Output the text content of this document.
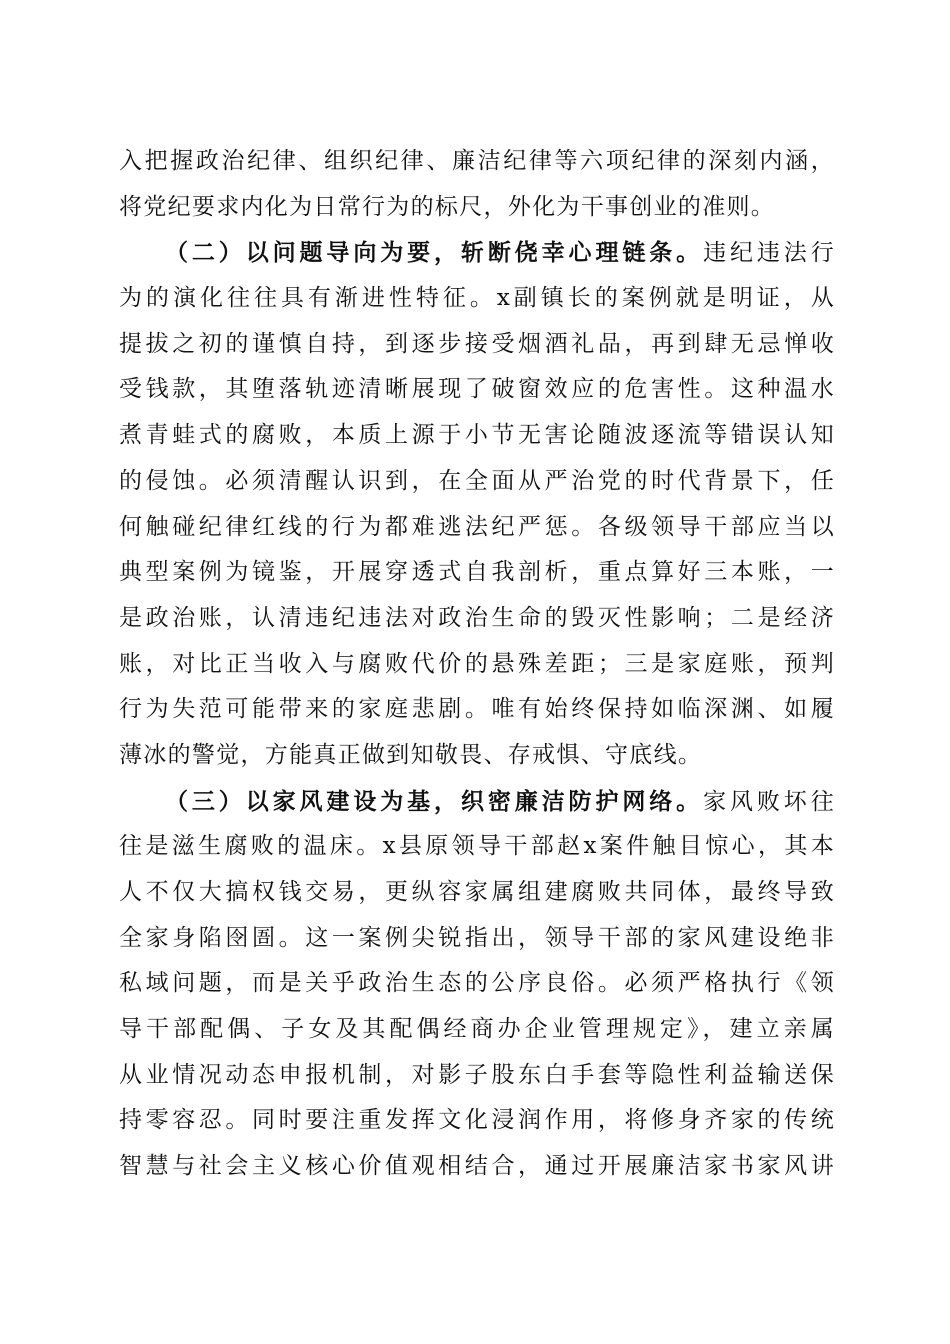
入把握政治纪律、组织纪律、廉洁纪律等六项纪律的深刻内涵，
将党纪要求内化为日常行为的标尺，外化为干事创业的准则。
（二）以问题导向为要，斩断侥幸心理链条。违纪违法行
为的演化往往具有渐进性特征。x副镇长的案例就是明证，从
提拔之初的谨慎自持，到逐步接受烟酒礼品，再到肆无忌惮收
受钱款，其堕落轨迹清晰展现了破窗效应的危害性。这种温水
煮青蛙式的腐败，本质上源于小节无害论随波逐流等错误认知
的侵蚀。必须清醒认识到，在全面从严治党的时代背景下，任
何触碰纪律红线的行为都难逃法纪严惩。各级领导干部应当以
典型案例为镜鉴，开展穿透式自我剖析，重点算好三本账，一
是政治账，认清违纪违法对政治生命的毁灭性影响；二是经济
账，对比正当收入与腐败代价的悬殊差距；三是家庭账，预判
行为失范可能带来的家庭悲剧。唯有始终保持如临深渊、如履
薄冰的警觉，方能真正做到知敬畏、存戒惧、守底线。
（三）以家风建设为基，织密廉洁防护网络。家风败坏往
往是滋生腐败的温床。x县原领导干部赵x案件触目惊心，其本
人不仅大搞权钱交易，更纵容家属组建腐败共同体，最终导致
全家身陷囹圄。这一案例尖锐指出，领导干部的家风建设绝非
私域问题，而是关乎政治生态的公序良俗。必须严格执行《领
导干部配偶、子女及其配偶经商办企业管理规定》，建立亲属
从业情况动态申报机制，对影子股东白手套等隐性利益输送保
持零容忍。同时要注重发挥文化浸润作用，将修身齐家的传统
智慧与社会主义核心价值观相结合，通过开展廉洁家书家风讲
